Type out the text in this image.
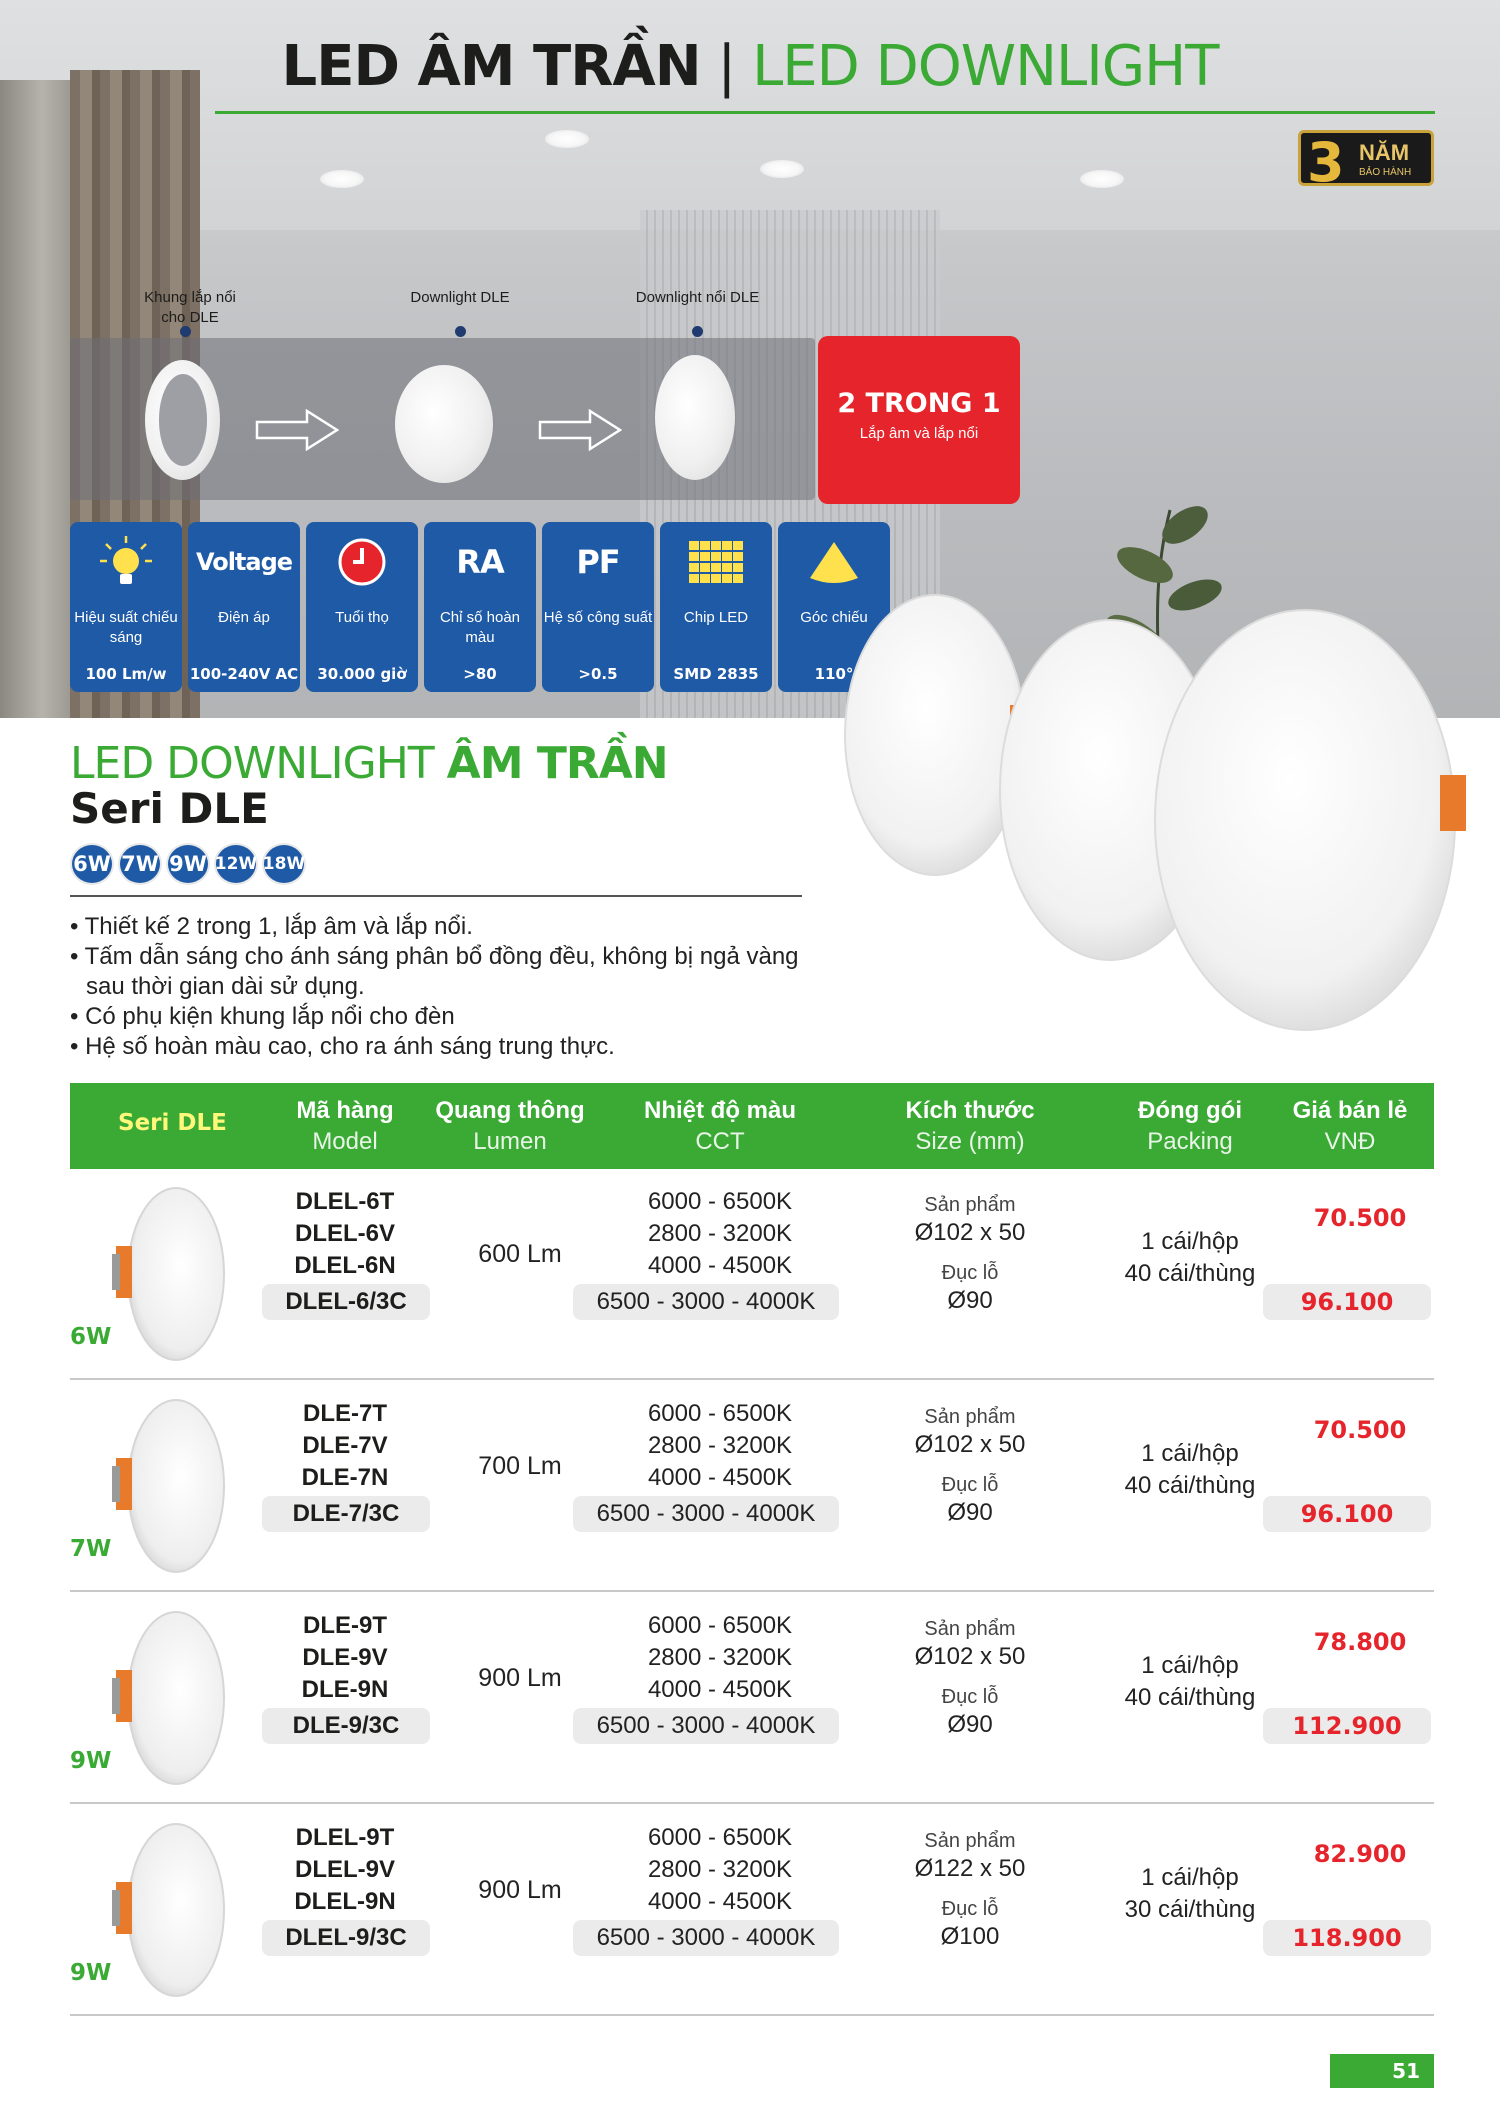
LED ÂM TRẦN | LED DOWNLIGHT
3 NĂM
BẢO HÀNH
Khung lắp nổi cho DLE
Downlight DLE	Downlight nổi DLE
2 TRONG 1
Lắp âm và lắp nổi
Hiệu suất chiếu sáng
100 Lm/w
Voltage
Điện áp
100-240V AC
Tuổi thọ
30.000 giờ
RA
Chỉ số hoàn màu
>80
PF
Hệ số công suất
>0.5
Chip LED
SMD 2835
Góc chiếu
110°
LED DOWNLIGHT ÂM TRẦN
Seri DLE
6W 7W 9W 12W 18W
• Thiết kế 2 trong 1, lắp âm và lắp nổi.
• Tấm dẫn sáng cho ánh sáng phân bổ đồng đều, không bị ngả vàng sau thời gian dài sử dụng.
• Có phụ kiện khung lắp nổi cho đèn
• Hệ số hoàn màu cao, cho ra ánh sáng trung thực.
Seri DLE	Mã hàng
Model
Quang thông
Lumen
Nhiệt độ màu
CCT
Kích thước
Size (mm)
Đóng gói
Packing
Giá bán lẻ
VNĐ
6W
DLEL-6T
DLEL-6V
DLEL-6N
DLEL-6/3C
600 Lm
6000 - 6500K
2800 - 3200K
4000 - 4500K
6500 - 3000 - 4000K
Sản phẩm
Ø102 x 50
Đục lỗ
Ø90
1 cái/hộp
40 cái/thùng
70.500
96.100
7W
DLE-7T
DLE-7V
DLE-7N
DLE-7/3C
700 Lm
6000 - 6500K
2800 - 3200K
4000 - 4500K
6500 - 3000 - 4000K
Sản phẩm
Ø102 x 50
Đục lỗ
Ø90
1 cái/hộp
40 cái/thùng
70.500
96.100
9W
DLE-9T
DLE-9V
DLE-9N
DLE-9/3C
900 Lm
6000 - 6500K
2800 - 3200K
4000 - 4500K
6500 - 3000 - 4000K
Sản phẩm
Ø102 x 50
Đục lỗ
Ø90
1 cái/hộp
40 cái/thùng
78.800
112.900
9W
DLEL-9T
DLEL-9V
DLEL-9N
DLEL-9/3C
900 Lm
6000 - 6500K
2800 - 3200K
4000 - 4500K
6500 - 3000 - 4000K
Sản phẩm
Ø122 x 50
Đục lỗ
Ø100
1 cái/hộp
30 cái/thùng
82.900
118.900
51
